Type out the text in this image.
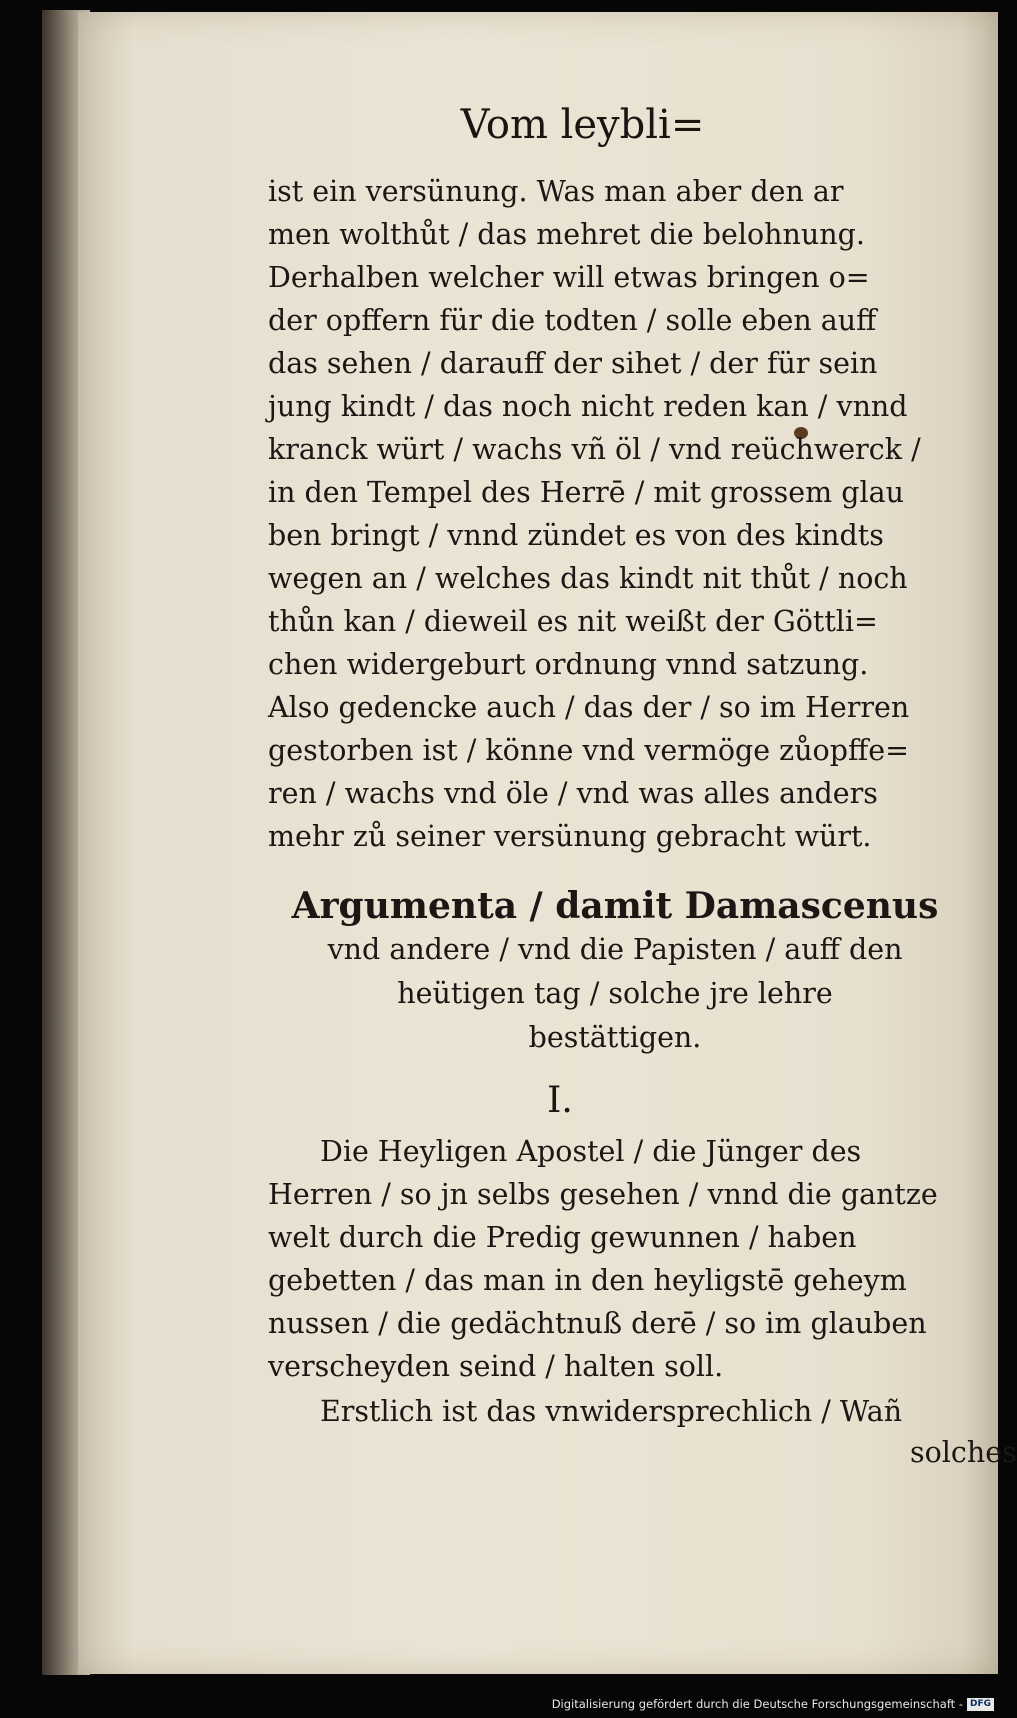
Vom leybli=
ist ein versünung. Was man aber den ar
men wolthůt / das mehret die belohnung.
Derhalben welcher will etwas bringen o=
der opffern für die todten / solle eben auff
das sehen / darauff der sihet / der für sein
jung kindt / das noch nicht reden kan / vnnd
kranck würt / wachs vñ öl / vnd reüchwerck /
in den Tempel des Herrē / mit grossem glau
ben bringt / vnnd zündet es von des kindts
wegen an / welches das kindt nit thůt / noch
thůn kan / dieweil es nit weißt der Göttli=
chen widergeburt ordnung vnnd satzung.
Also gedencke auch / das der / so im Herren
gestorben ist / könne vnd vermöge zůopffe=
ren / wachs vnd öle / vnd was alles anders
mehr zů seiner versünung gebracht würt.
Argumenta / damit Damascenus
vnd andere / vnd die Papisten / auff den
heütigen tag / solche jre lehre
bestättigen.
I.
Die Heyligen Apostel / die Jünger des
Herren / so jn selbs gesehen / vnnd die gantze
welt durch die Predig gewunnen / haben
gebetten / das man in den heyligstē geheym
nussen / die gedächtnuß derē / so im glauben
verscheyden seind / halten soll.
Erstlich ist das vnwidersprechlich / Wañ
solches
Digitalisierung gefördert durch die Deutsche Forschungsgemeinschaft - DFG
